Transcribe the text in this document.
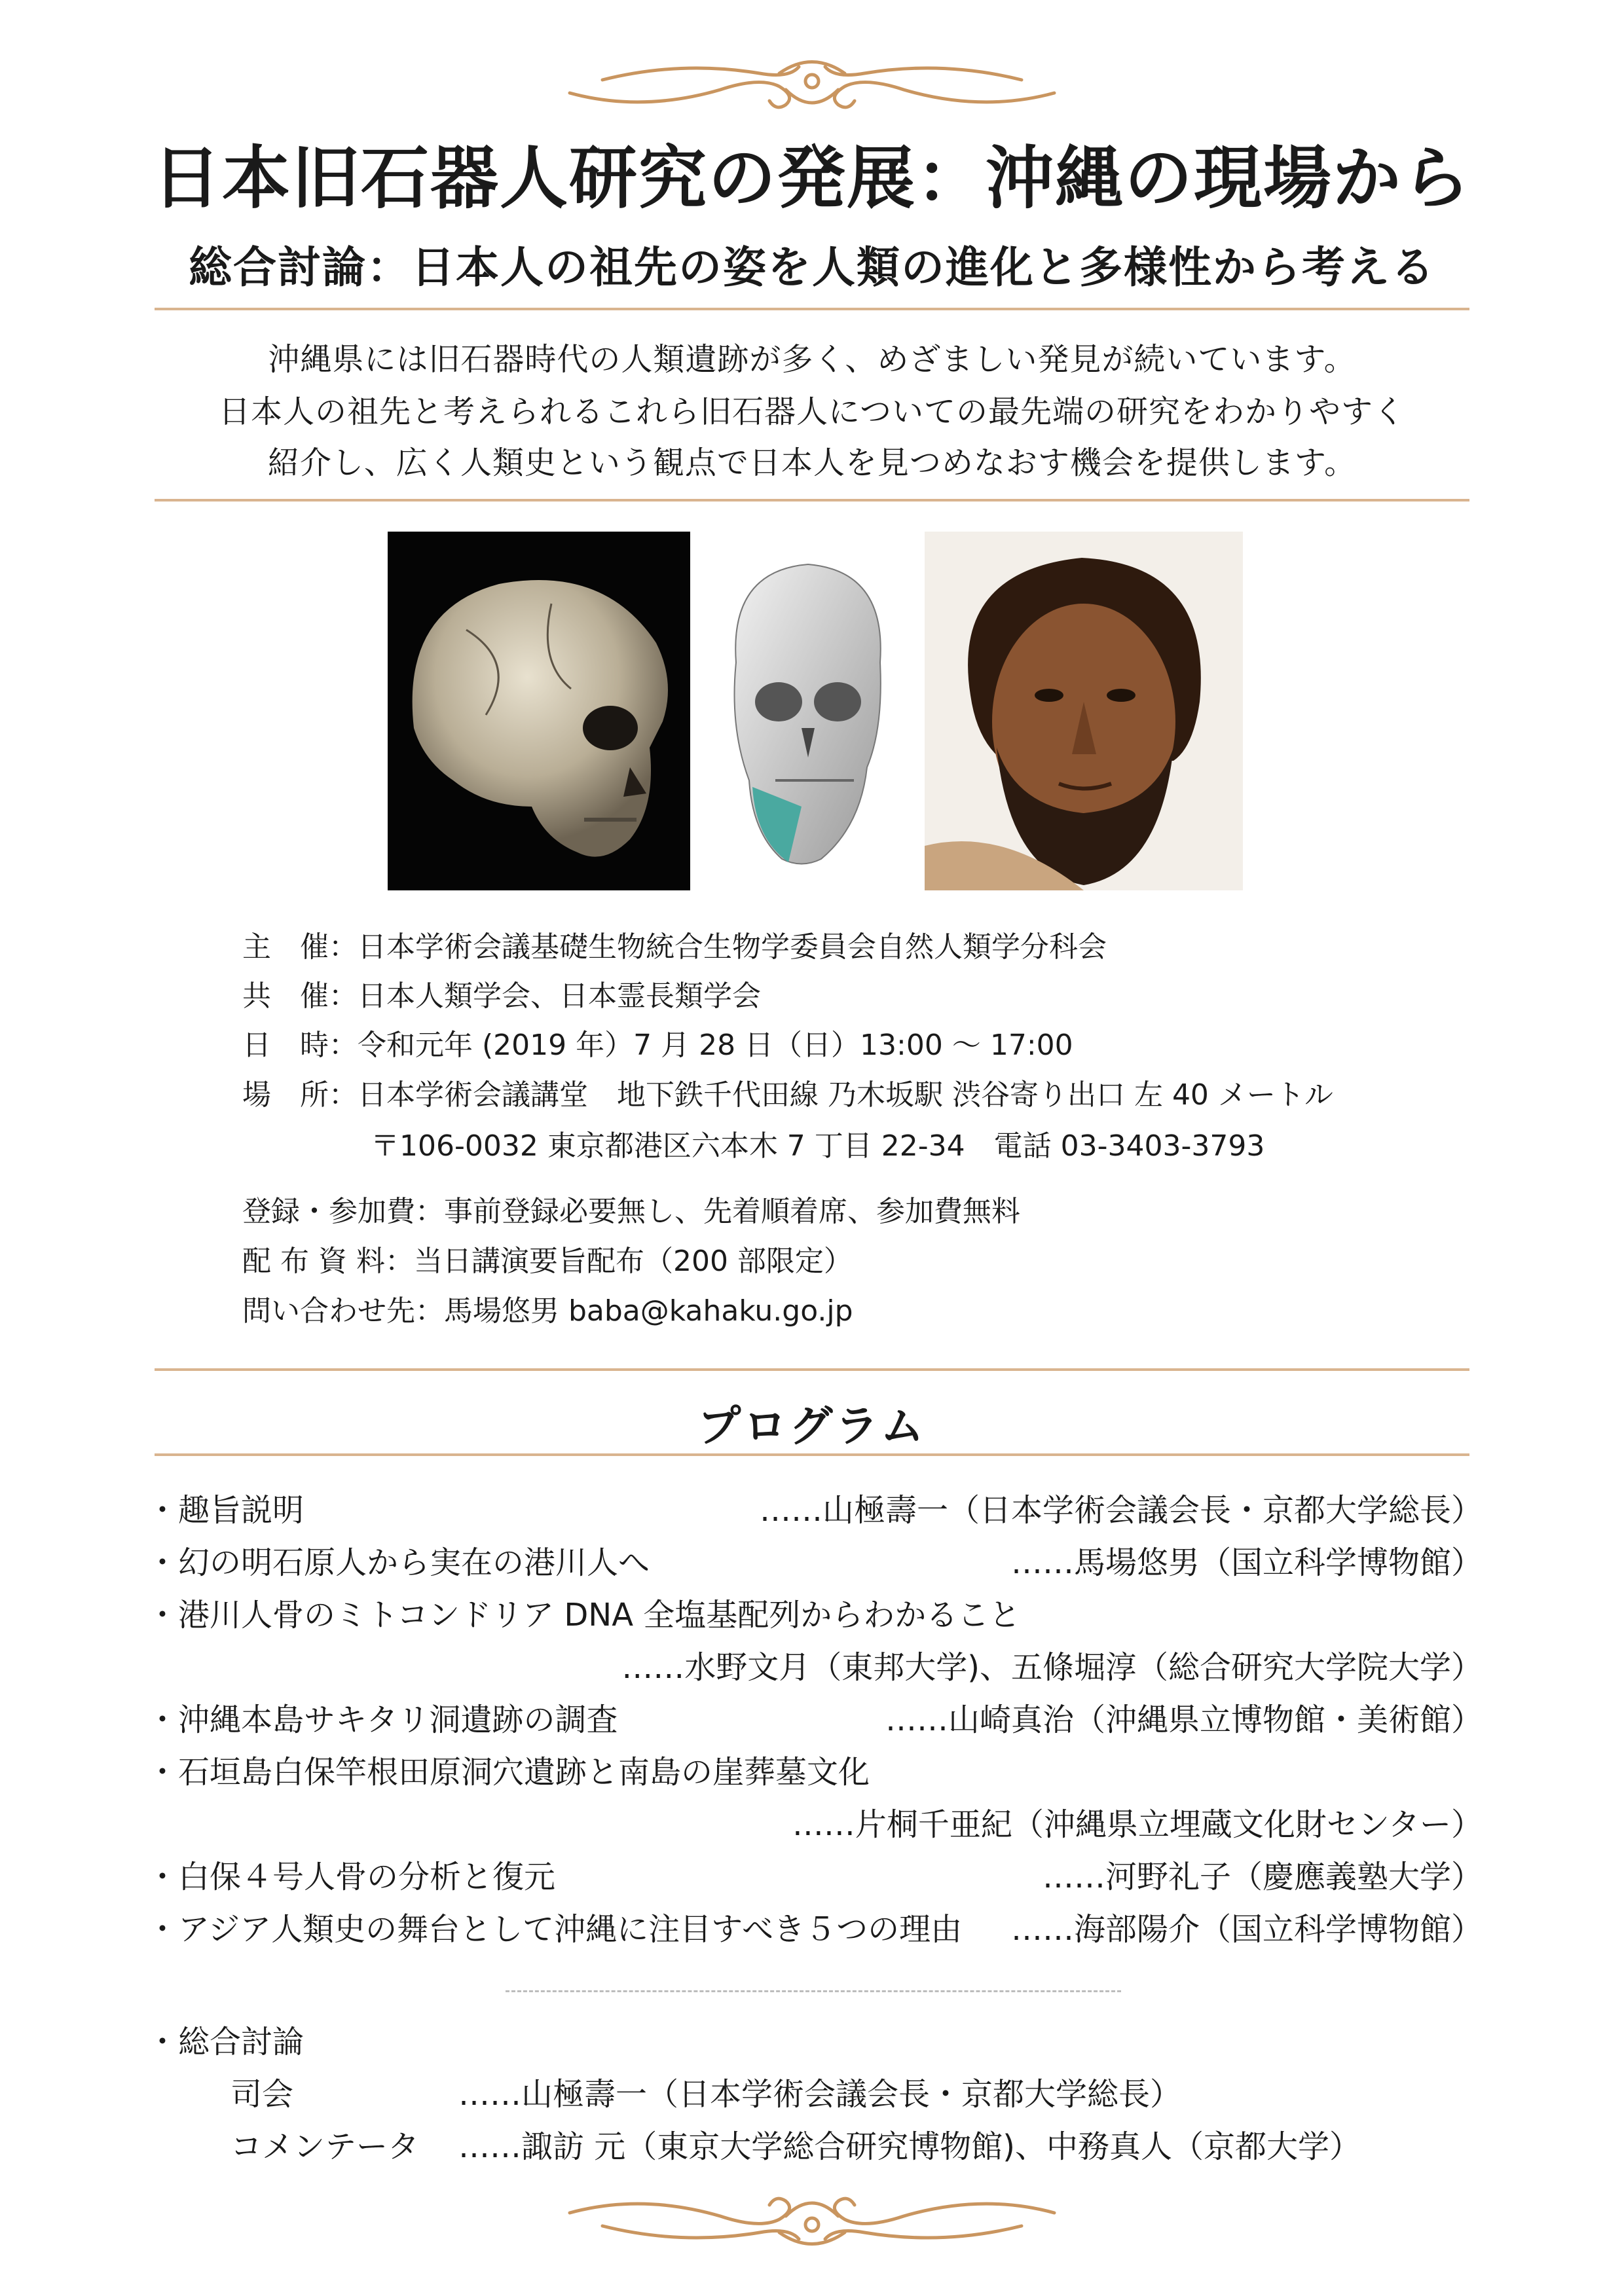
日本旧石器人研究の発展：沖縄の現場から
総合討論：日本人の祖先の姿を人類の進化と多様性から考える
沖縄県には旧石器時代の人類遺跡が多く、めざましい発見が続いています。
日本人の祖先と考えられるこれら旧石器人についての最先端の研究をわかりやすく
紹介し、広く人類史という観点で日本人を見つめなおす機会を提供します。
主　催：日本学術会議基礎生物統合生物学委員会自然人類学分科会
共　催：日本人類学会、日本霊長類学会
日　時：令和元年 (2019 年）7 月 28 日（日）13:00 ～ 17:00
場　所：日本学術会議講堂　地下鉄千代田線 乃木坂駅 渋谷寄り出口 左 40 メートル
〒106-0032 東京都港区六本木 7 丁目 22-34　電話 03-3403-3793
登録・参加費：事前登録必要無し、先着順着席、参加費無料
配 布 資 料：当日講演要旨配布（200 部限定）
問い合わせ先：馬場悠男 baba@kahaku.go.jp
プログラム
・趣旨説明	……山極壽一（日本学術会議会長・京都大学総長）
・幻の明石原人から実在の港川人へ	……馬場悠男（国立科学博物館）
・港川人骨のミトコンドリア DNA 全塩基配列からわかること
……水野文月（東邦大学)、五條堀淳（総合研究大学院大学）
・沖縄本島サキタリ洞遺跡の調査	……山崎真治（沖縄県立博物館・美術館）
・石垣島白保竿根田原洞穴遺跡と南島の崖葬墓文化
……片桐千亜紀（沖縄県立埋蔵文化財センター）
・白保４号人骨の分析と復元	……河野礼子（慶應義塾大学）
・アジア人類史の舞台として沖縄に注目すべき５つの理由 ……海部陽介（国立科学博物館）
・総合討論
司会	……山極壽一（日本学術会議会長・京都大学総長）
コメンテータ ……諏訪 元（東京大学総合研究博物館)、中務真人（京都大学）
